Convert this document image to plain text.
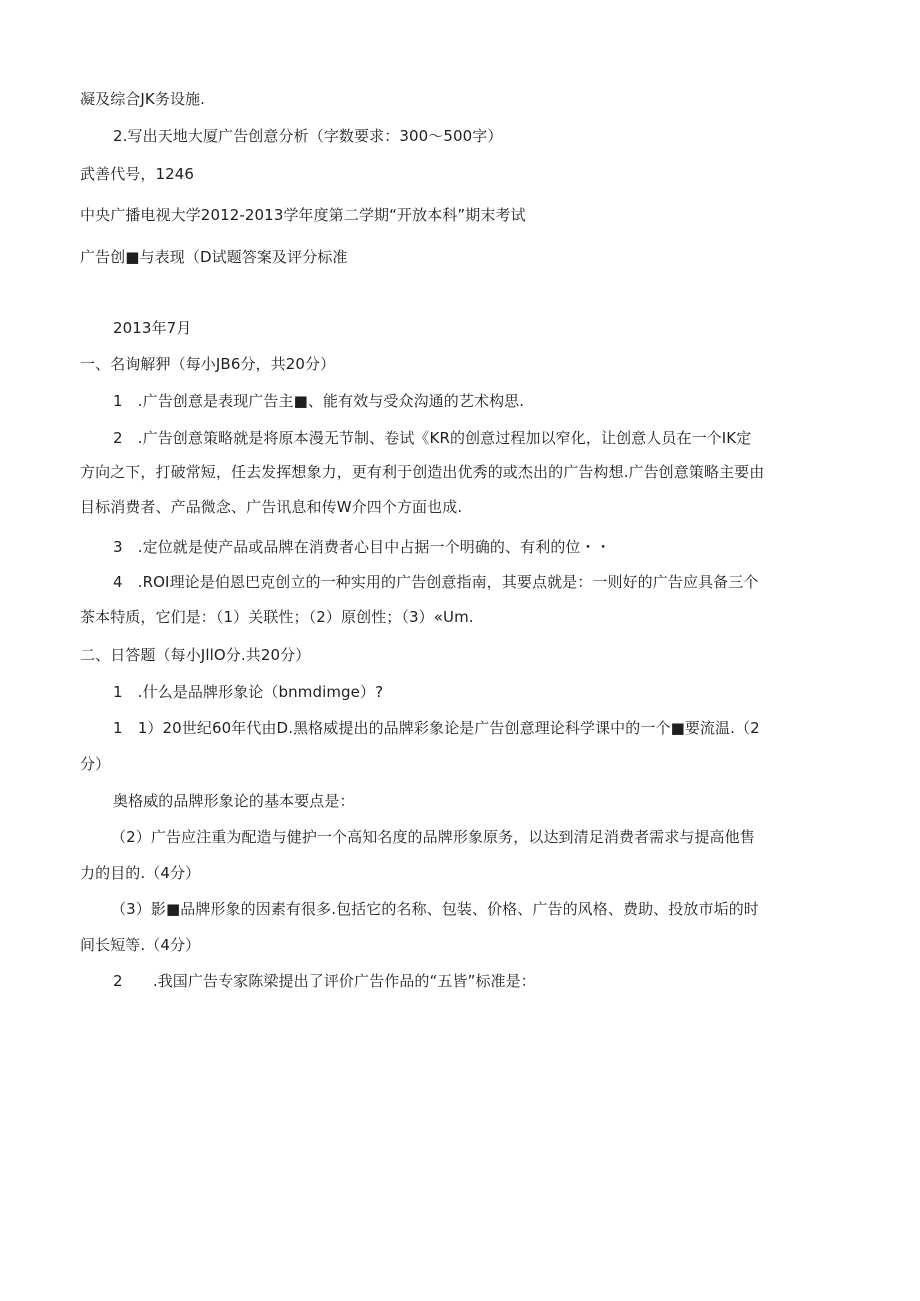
凝及综合JK务设施.
2.写出天地大厦广告创意分析（字数要求：300～500字）
武善代号，1246
中央广播电视大学2012-2013学年度第二学期“开放本科”期末考试
广告创■与表现（D试题答案及评分标准
2013年7月
一、名询解狎（每小JB6分，共20分）
1　.广告创意是表现广告主■、能有效与受众沟通的艺术构思.
2　.广告创意策略就是将原本漫无节制、卷试《KR的创意过程加以窄化，让创意人员在一个IK定
方向之下，打破常短，任去发挥想象力，更有利于创造出优秀的或杰出的广告构想.广告创意策略主要由
目标消费者、产品微念、广告讯息和传W介四个方面也成.
3　.定位就是使产品或品牌在消费者心目中占据一个明确的、有利的位・・
4　.ROI理论是伯恩巴克创立的一种实用的广告创意指南，其要点就是：一则好的广告应具备三个
茶本特质，它们是：（1）关联性；（2）原创性；（3）«Um.
二、日答题（每小JllO分.共20分）
1　.什么是品牌形象论（bnmdimge）?
1　1）20世纪60年代由D.黑格威提出的品牌彩象论是广告创意理论科学课中的一个■要流温.（2
分）
奥格威的品牌形象论的基本要点是：
（2）广告应注重为配造与健护一个高知名度的品牌形象原务，以达到清足消费者需求与提高他售
力的目的.（4分）
（3）影■品牌形象的因素有很多.包括它的名称、包装、价格、广告的风格、费助、投放市垢的时
间长短等.（4分）
2　　.我国广告专家陈梁提出了评价广告作品的“五皆”标准是：
